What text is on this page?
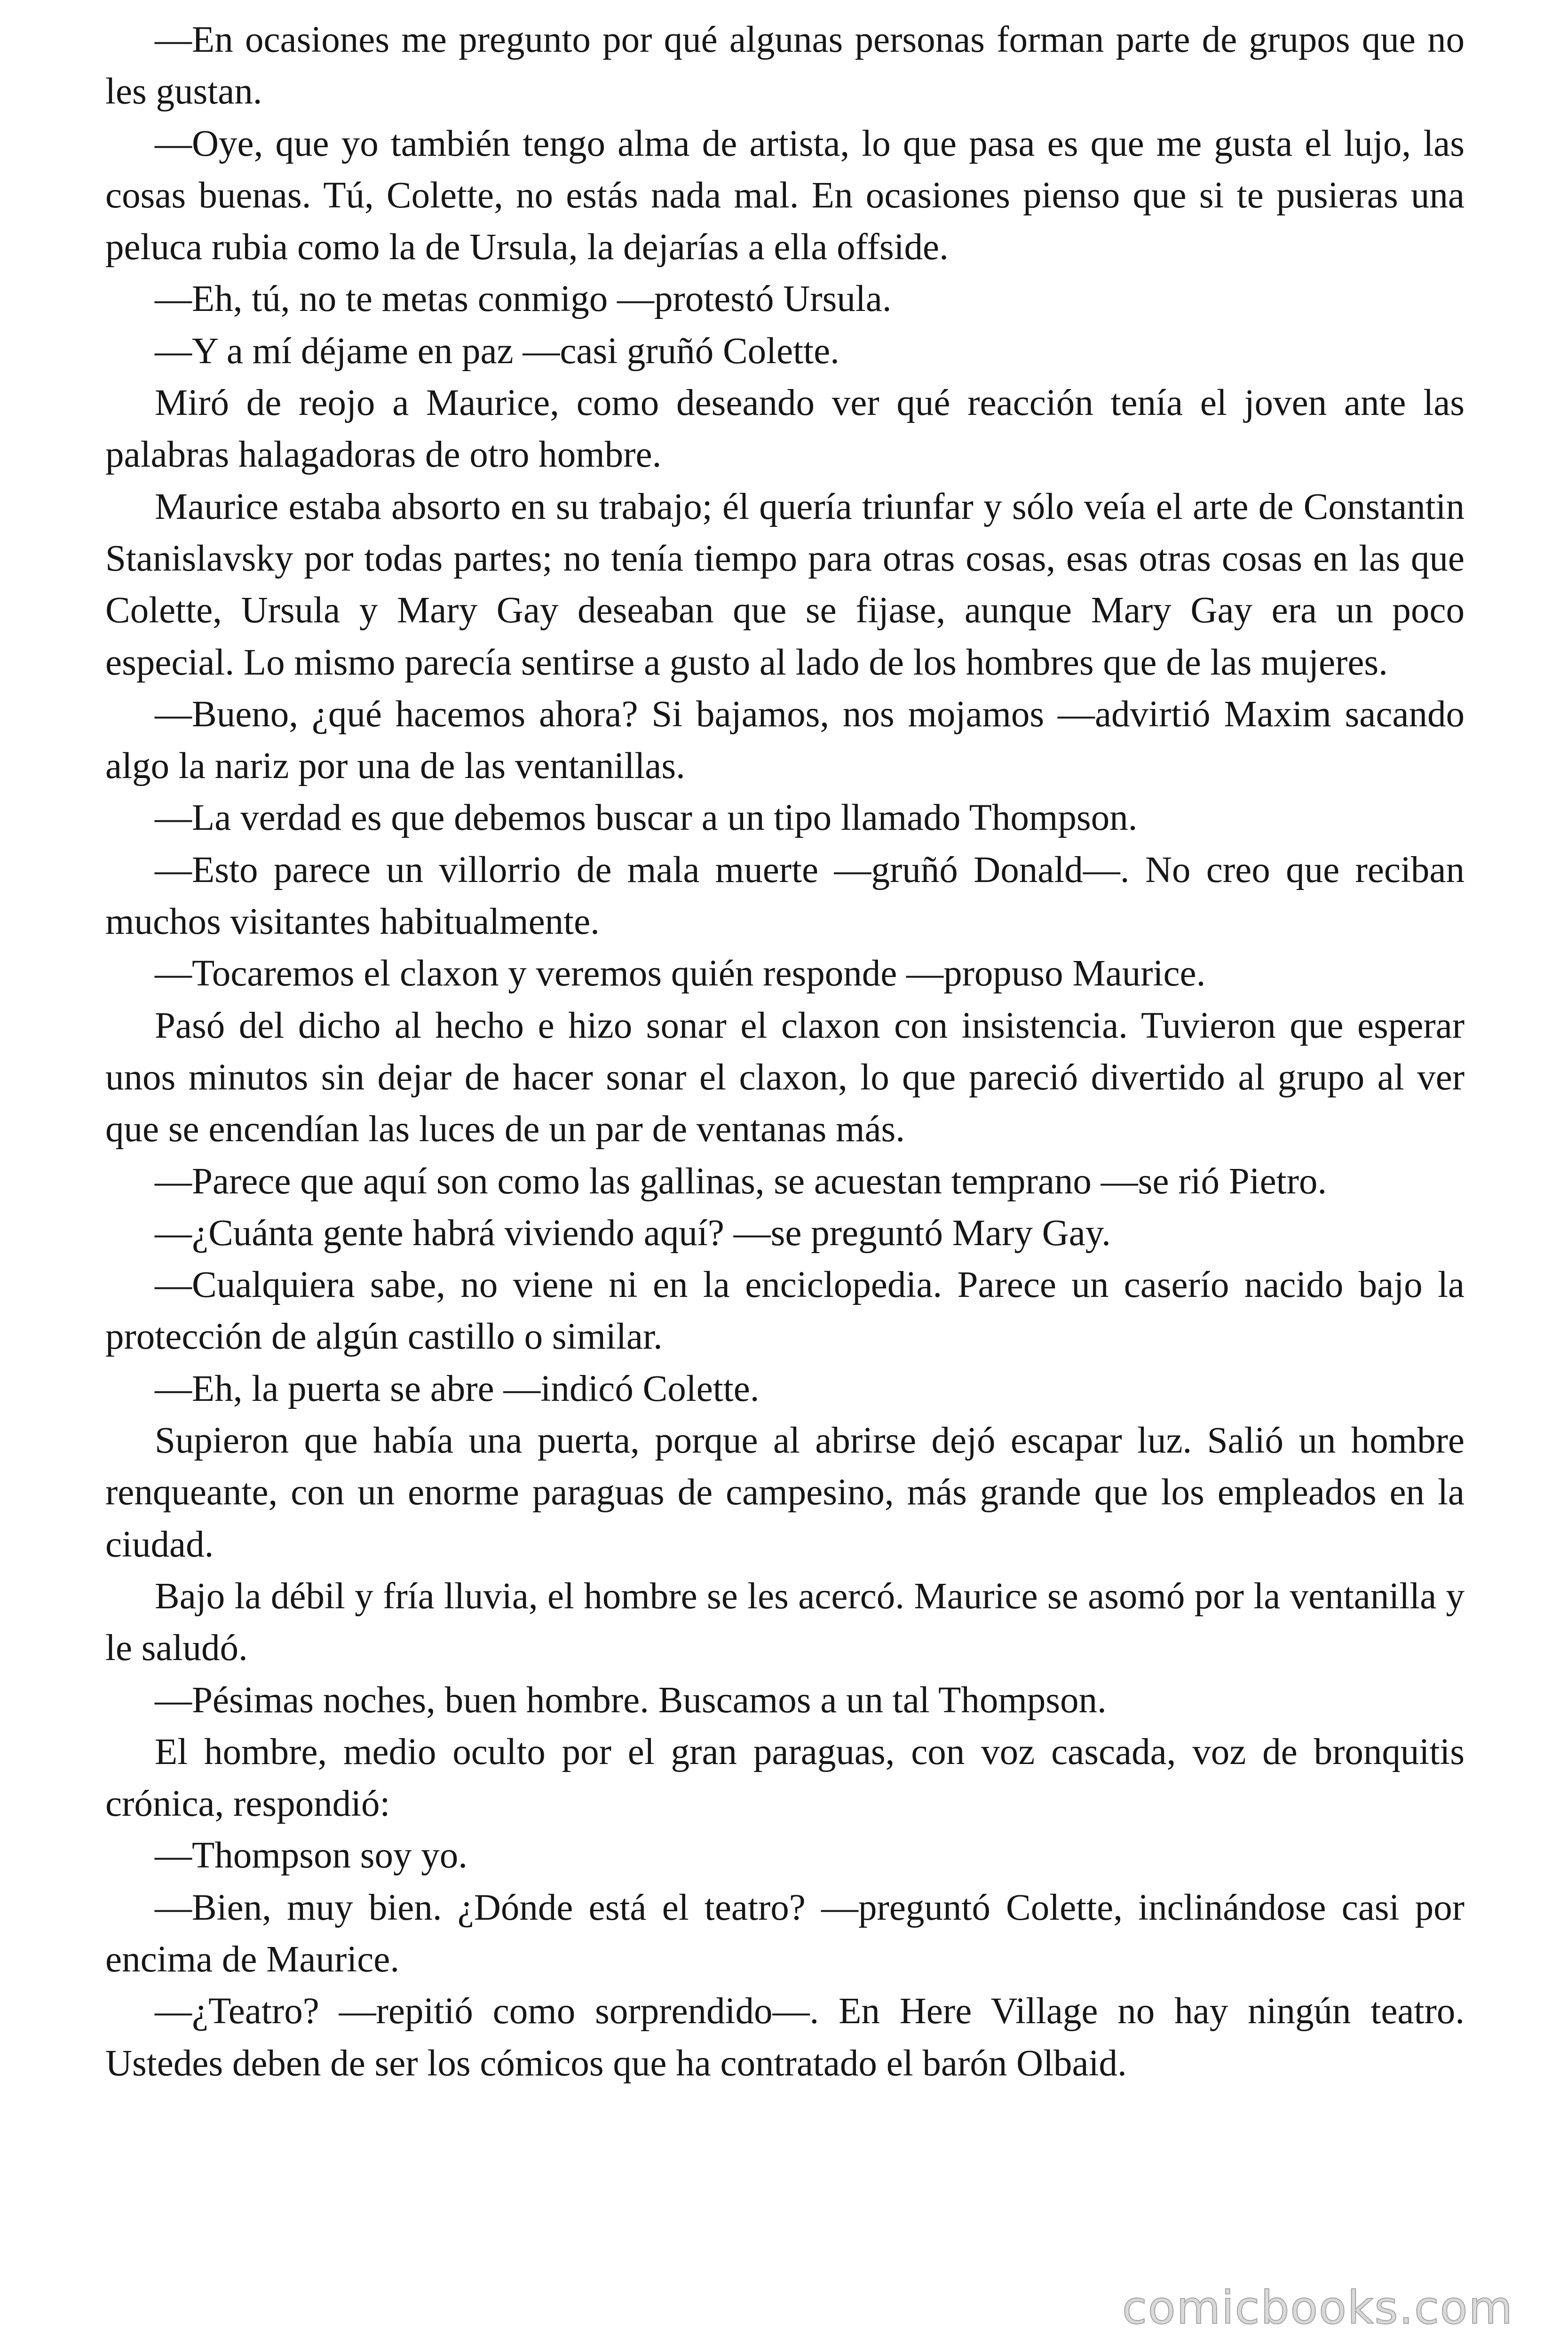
—En ocasiones me pregunto por qué algunas personas forman parte de grupos que no les gustan.

—Oye, que yo también tengo alma de artista, lo que pasa es que me gusta el lujo, las cosas buenas. Tú, Colette, no estás nada mal. En ocasiones pienso que si te pusieras una peluca rubia como la de Ursula, la dejarías a ella offside.

—Eh, tú, no te metas conmigo —protestó Ursula.

—Y a mí déjame en paz —casi gruñó Colette.

Miró de reojo a Maurice, como deseando ver qué reacción tenía el joven ante las palabras halagadoras de otro hombre.

Maurice estaba absorto en su trabajo; él quería triunfar y sólo veía el arte de Constantin Stanislavsky por todas partes; no tenía tiempo para otras cosas, esas otras cosas en las que Colette, Ursula y Mary Gay deseaban que se fijase, aunque Mary Gay era un poco especial. Lo mismo parecía sentirse a gusto al lado de los hombres que de las mujeres.

—Bueno, ¿qué hacemos ahora? Si bajamos, nos mojamos —advirtió Maxim sacando algo la nariz por una de las ventanillas.

—La verdad es que debemos buscar a un tipo llamado Thompson.

—Esto parece un villorrio de mala muerte —gruñó Donald—. No creo que reciban muchos visitantes habitualmente.

—Tocaremos el claxon y veremos quién responde —propuso Maurice.

Pasó del dicho al hecho e hizo sonar el claxon con insistencia. Tuvieron que esperar unos minutos sin dejar de hacer sonar el claxon, lo que pareció divertido al grupo al ver que se encendían las luces de un par de ventanas más.

—Parece que aquí son como las gallinas, se acuestan temprano —se rió Pietro.

—¿Cuánta gente habrá viviendo aquí? —se preguntó Mary Gay.

—Cualquiera sabe, no viene ni en la enciclopedia. Parece un caserío nacido bajo la protección de algún castillo o similar.

—Eh, la puerta se abre —indicó Colette.

Supieron que había una puerta, porque al abrirse dejó escapar luz. Salió un hombre renqueante, con un enorme paraguas de campesino, más grande que los empleados en la ciudad.

Bajo la débil y fría lluvia, el hombre se les acercó. Maurice se asomó por la ventanilla y le saludó.

—Pésimas noches, buen hombre. Buscamos a un tal Thompson.

El hombre, medio oculto por el gran paraguas, con voz cascada, voz de bronquitis crónica, respondió:

—Thompson soy yo.

—Bien, muy bien. ¿Dónde está el teatro? —preguntó Colette, inclinándose casi por encima de Maurice.

—¿Teatro? —repitió como sorprendido—. En Here Village no hay ningún teatro. Ustedes deben de ser los cómicos que ha contratado el barón Olbaid.

comicbooks.com
